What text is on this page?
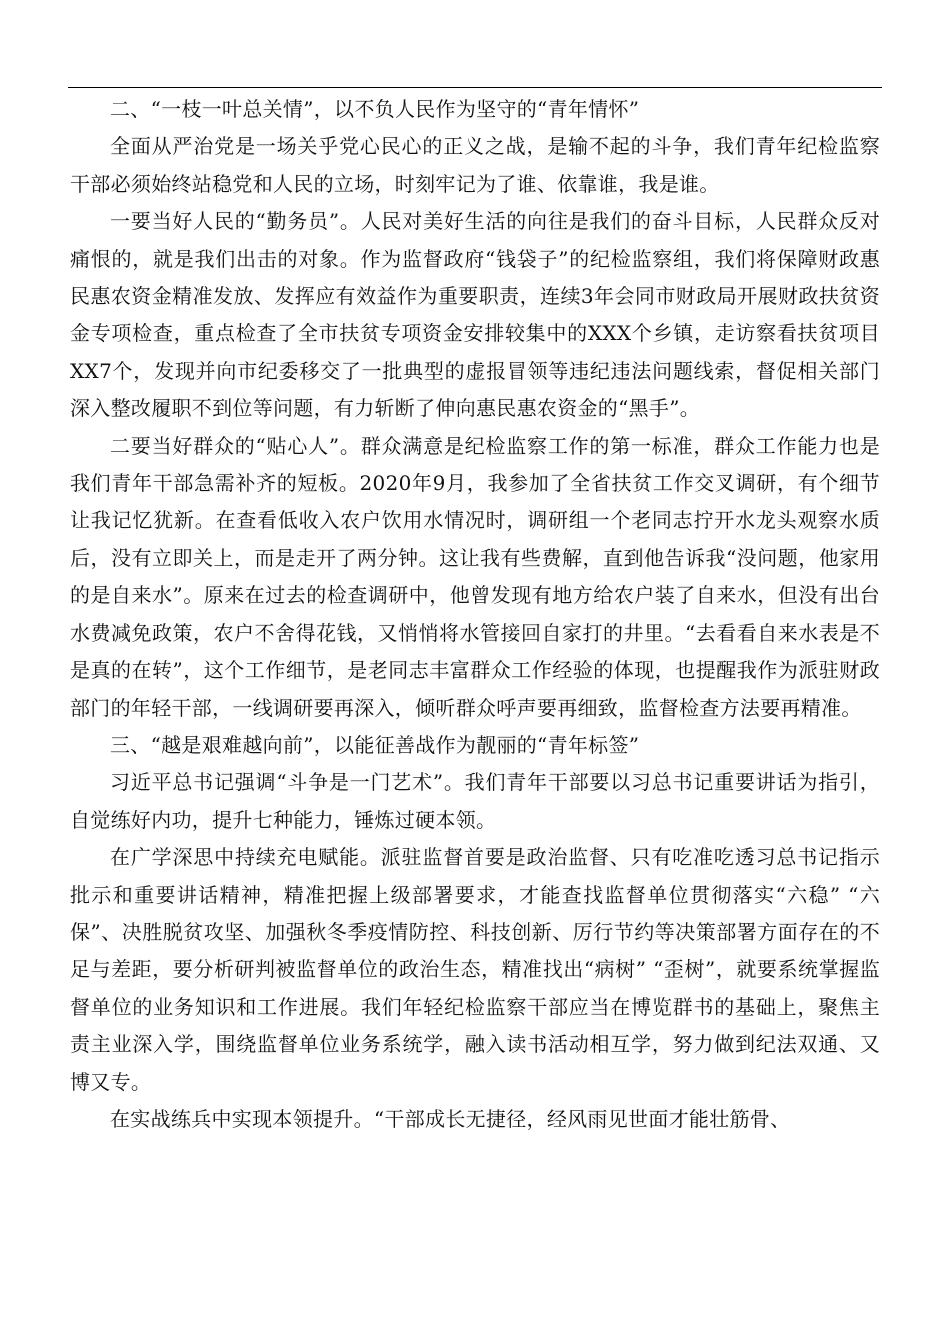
二、“一枝一叶总关情”，以不负人民作为坚守的“青年情怀”

全面从严治党是一场关乎党心民心的正义之战，是输不起的斗争，我们青年纪检监察干部必须始终站稳党和人民的立场，时刻牢记为了谁、依靠谁，我是谁。

一要当好人民的“勤务员”。人民对美好生活的向往是我们的奋斗目标，人民群众反对痛恨的，就是我们出击的对象。作为监督政府“钱袋子”的纪检监察组，我们将保障财政惠民惠农资金精准发放、发挥应有效益作为重要职责，连续3年会同市财政局开展财政扶贫资金专项检查，重点检查了全市扶贫专项资金安排较集中的XXX个乡镇，走访察看扶贫项目XX7个，发现并向市纪委移交了一批典型的虚报冒领等违纪违法问题线索，督促相关部门深入整改履职不到位等问题，有力斩断了伸向惠民惠农资金的“黑手”。

二要当好群众的“贴心人”。群众满意是纪检监察工作的第一标准，群众工作能力也是我们青年干部急需补齐的短板。2020年9月，我参加了全省扶贫工作交叉调研，有个细节让我记忆犹新。在查看低收入农户饮用水情况时，调研组一个老同志拧开水龙头观察水质后，没有立即关上，而是走开了两分钟。这让我有些费解，直到他告诉我“没问题，他家用的是自来水”。原来在过去的检查调研中，他曾发现有地方给农户装了自来水，但没有出台水费减免政策，农户不舍得花钱，又悄悄将水管接回自家打的井里。“去看看自来水表是不是真的在转”，这个工作细节，是老同志丰富群众工作经验的体现，也提醒我作为派驻财政部门的年轻干部，一线调研要再深入，倾听群众呼声要再细致，监督检查方法要再精准。

三、“越是艰难越向前”，以能征善战作为靓丽的“青年标签”

习近平总书记强调“斗争是一门艺术”。我们青年干部要以习总书记重要讲话为指引，自觉练好内功，提升七种能力，锤炼过硬本领。

在广学深思中持续充电赋能。派驻监督首要是政治监督、只有吃准吃透习总书记指示批示和重要讲话精神，精准把握上级部署要求，才能查找监督单位贯彻落实“六稳” “六保”、决胜脱贫攻坚、加强秋冬季疫情防控、科技创新、厉行节约等决策部署方面存在的不足与差距，要分析研判被监督单位的政治生态，精准找出“病树” “歪树”，就要系统掌握监督单位的业务知识和工作进展。我们年轻纪检监察干部应当在博览群书的基础上，聚焦主责主业深入学，围绕监督单位业务系统学，融入读书活动相互学，努力做到纪法双通、又博又专。

在实战练兵中实现本领提升。“干部成长无捷径，经风雨见世面才能壮筋骨、
